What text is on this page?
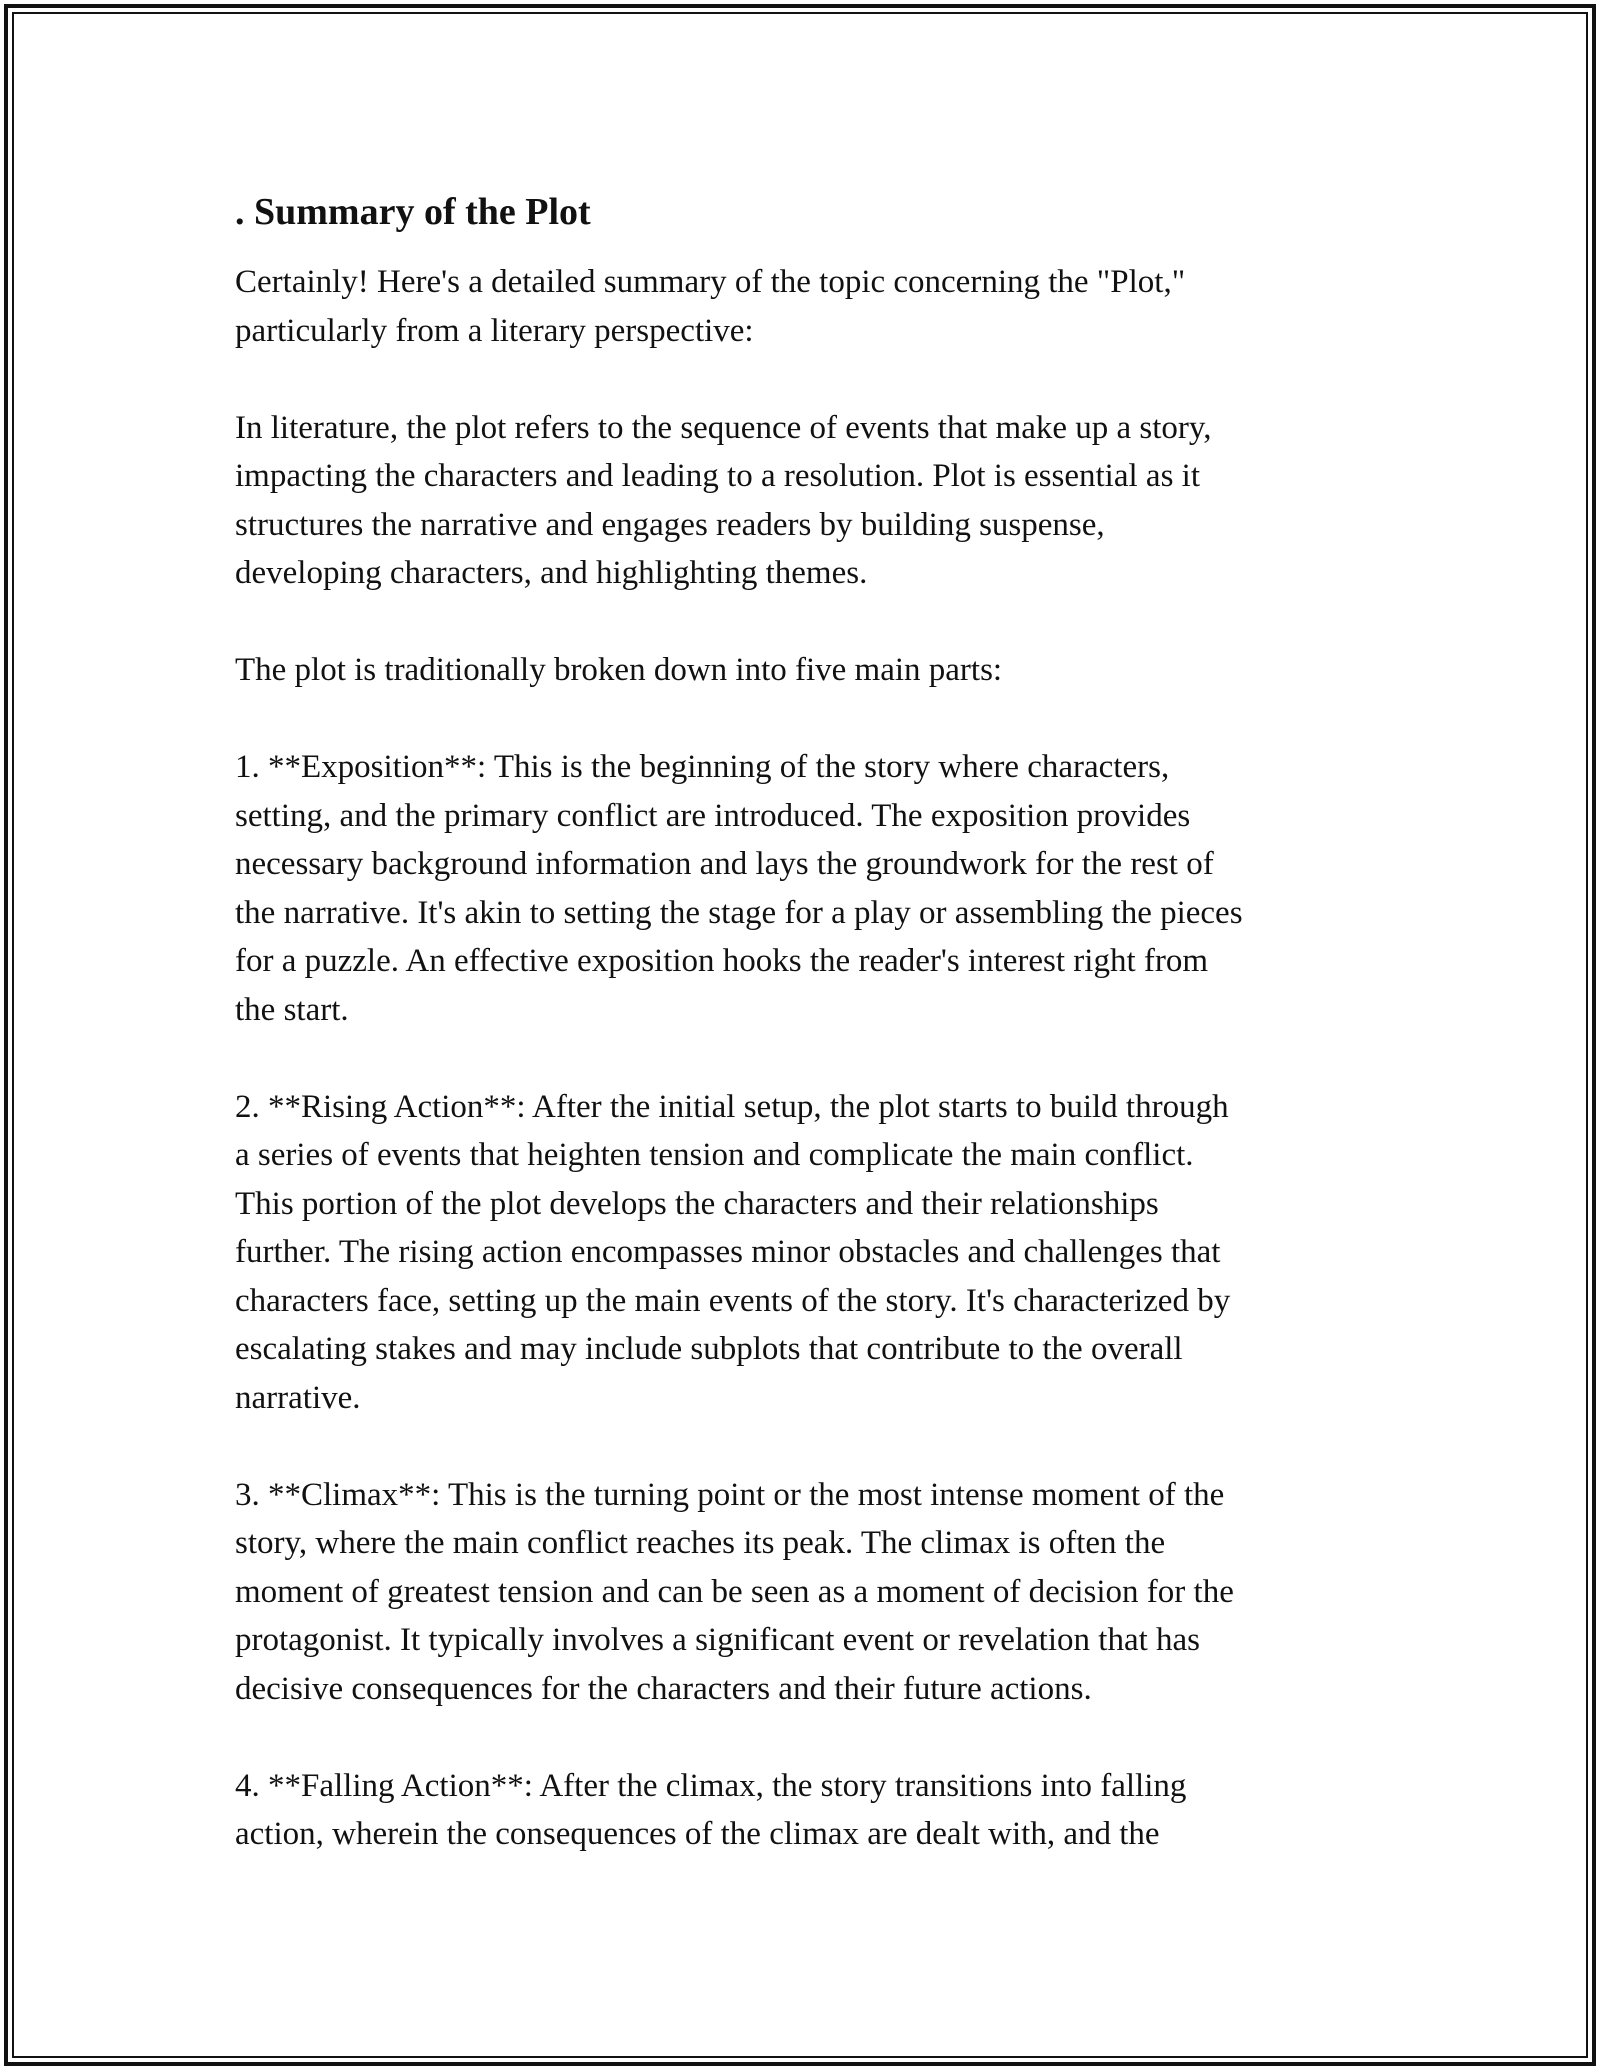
. Summary of the Plot

Certainly! Here's a detailed summary of the topic concerning the "Plot,"
particularly from a literary perspective:

In literature, the plot refers to the sequence of events that make up a story,
impacting the characters and leading to a resolution. Plot is essential as it
structures the narrative and engages readers by building suspense,
developing characters, and highlighting themes.

The plot is traditionally broken down into five main parts:

1. **Exposition**: This is the beginning of the story where characters,
setting, and the primary conflict are introduced. The exposition provides
necessary background information and lays the groundwork for the rest of
the narrative. It's akin to setting the stage for a play or assembling the pieces
for a puzzle. An effective exposition hooks the reader's interest right from
the start.

2. **Rising Action**: After the initial setup, the plot starts to build through
a series of events that heighten tension and complicate the main conflict.
This portion of the plot develops the characters and their relationships
further. The rising action encompasses minor obstacles and challenges that
characters face, setting up the main events of the story. It's characterized by
escalating stakes and may include subplots that contribute to the overall
narrative.

3. **Climax**: This is the turning point or the most intense moment of the
story, where the main conflict reaches its peak. The climax is often the
moment of greatest tension and can be seen as a moment of decision for the
protagonist. It typically involves a significant event or revelation that has
decisive consequences for the characters and their future actions.

4. **Falling Action**: After the climax, the story transitions into falling
action, wherein the consequences of the climax are dealt with, and the
